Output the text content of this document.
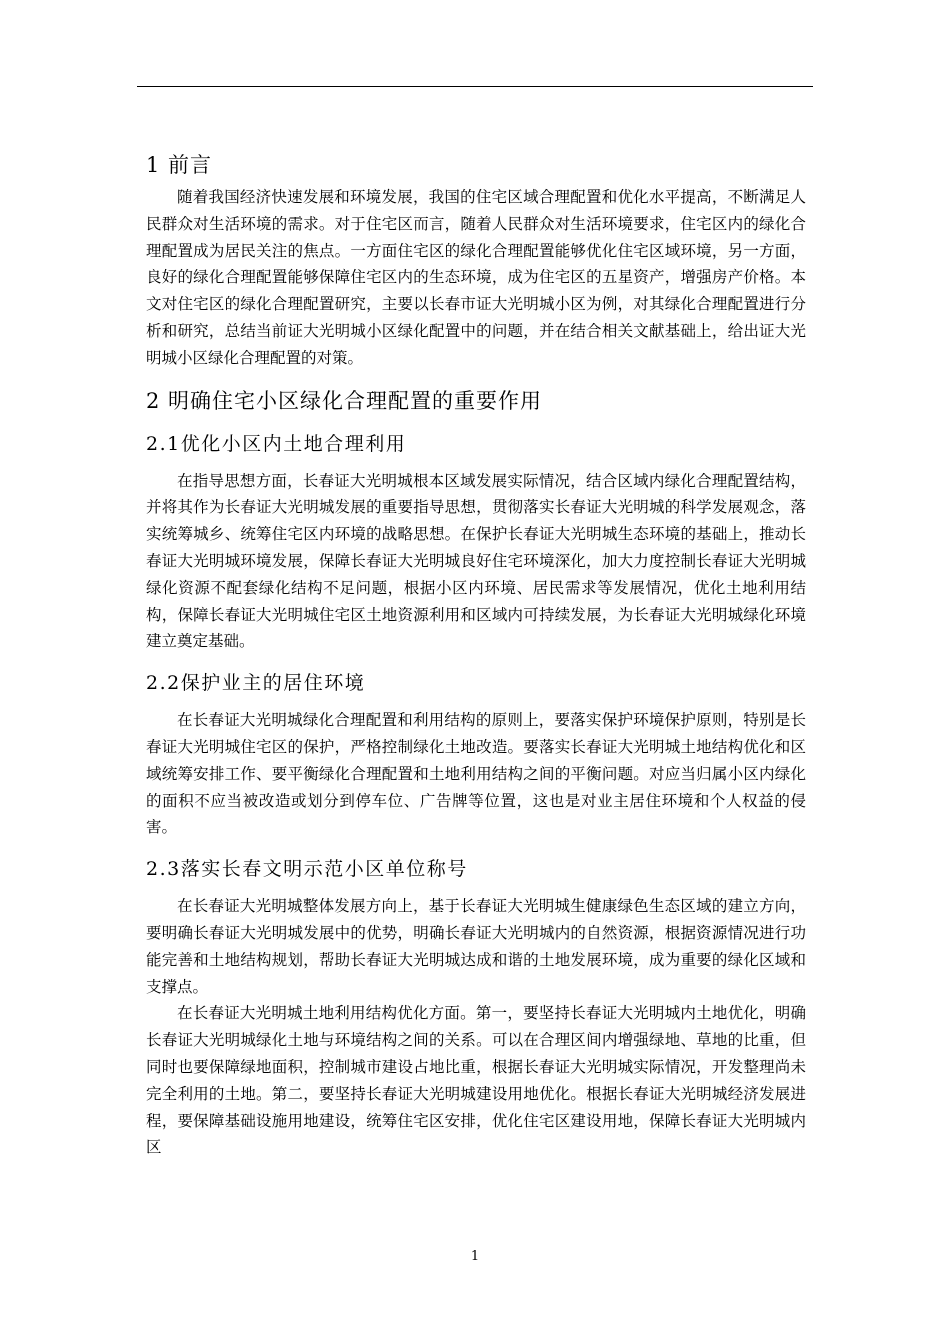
1 前言

随着我国经济快速发展和环境发展，我国的住宅区域合理配置和优化水平提高，不断满足人民群众对生活环境的需求。对于住宅区而言，随着人民群众对生活环境要求，住宅区内的绿化合理配置成为居民关注的焦点。一方面住宅区的绿化合理配置能够优化住宅区域环境，另一方面，良好的绿化合理配置能够保障住宅区内的生态环境，成为住宅区的五星资产，增强房产价格。本文对住宅区的绿化合理配置研究，主要以长春市证大光明城小区为例，对其绿化合理配置进行分析和研究，总结当前证大光明城小区绿化配置中的问题，并在结合相关文献基础上，给出证大光明城小区绿化合理配置的对策。

2 明确住宅小区绿化合理配置的重要作用
2.1优化小区内土地合理利用

在指导思想方面，长春证大光明城根本区域发展实际情况，结合区域内绿化合理配置结构，并将其作为长春证大光明城发展的重要指导思想，贯彻落实长春证大光明城的科学发展观念，落实统筹城乡、统筹住宅区内环境的战略思想。在保护长春证大光明城生态环境的基础上，推动长春证大光明城环境发展，保障长春证大光明城良好住宅环境深化，加大力度控制长春证大光明城绿化资源不配套绿化结构不足问题，根据小区内环境、居民需求等发展情况，优化土地利用结构，保障长春证大光明城住宅区土地资源利用和区域内可持续发展，为长春证大光明城绿化环境建立奠定基础。

2.2保护业主的居住环境

在长春证大光明城绿化合理配置和利用结构的原则上，要落实保护环境保护原则，特别是长春证大光明城住宅区的保护，严格控制绿化土地改造。要落实长春证大光明城土地结构优化和区域统筹安排工作、要平衡绿化合理配置和土地利用结构之间的平衡问题。对应当归属小区内绿化的面积不应当被改造或划分到停车位、广告牌等位置，这也是对业主居住环境和个人权益的侵害。

2.3落实长春文明示范小区单位称号

在长春证大光明城整体发展方向上，基于长春证大光明城生健康绿色生态区域的建立方向，要明确长春证大光明城发展中的优势，明确长春证大光明城内的自然资源，根据资源情况进行功能完善和土地结构规划，帮助长春证大光明城达成和谐的土地发展环境，成为重要的绿化区域和支撑点。

在长春证大光明城土地利用结构优化方面。第一，要坚持长春证大光明城内土地优化，明确长春证大光明城绿化土地与环境结构之间的关系。可以在合理区间内增强绿地、草地的比重，但同时也要保障绿地面积，控制城市建设占地比重，根据长春证大光明城实际情况，开发整理尚未完全利用的土地。第二，要坚持长春证大光明城建设用地优化。根据长春证大光明城经济发展进程，要保障基础设施用地建设，统筹住宅区安排，优化住宅区建设用地，保障长春证大光明城内区

1
